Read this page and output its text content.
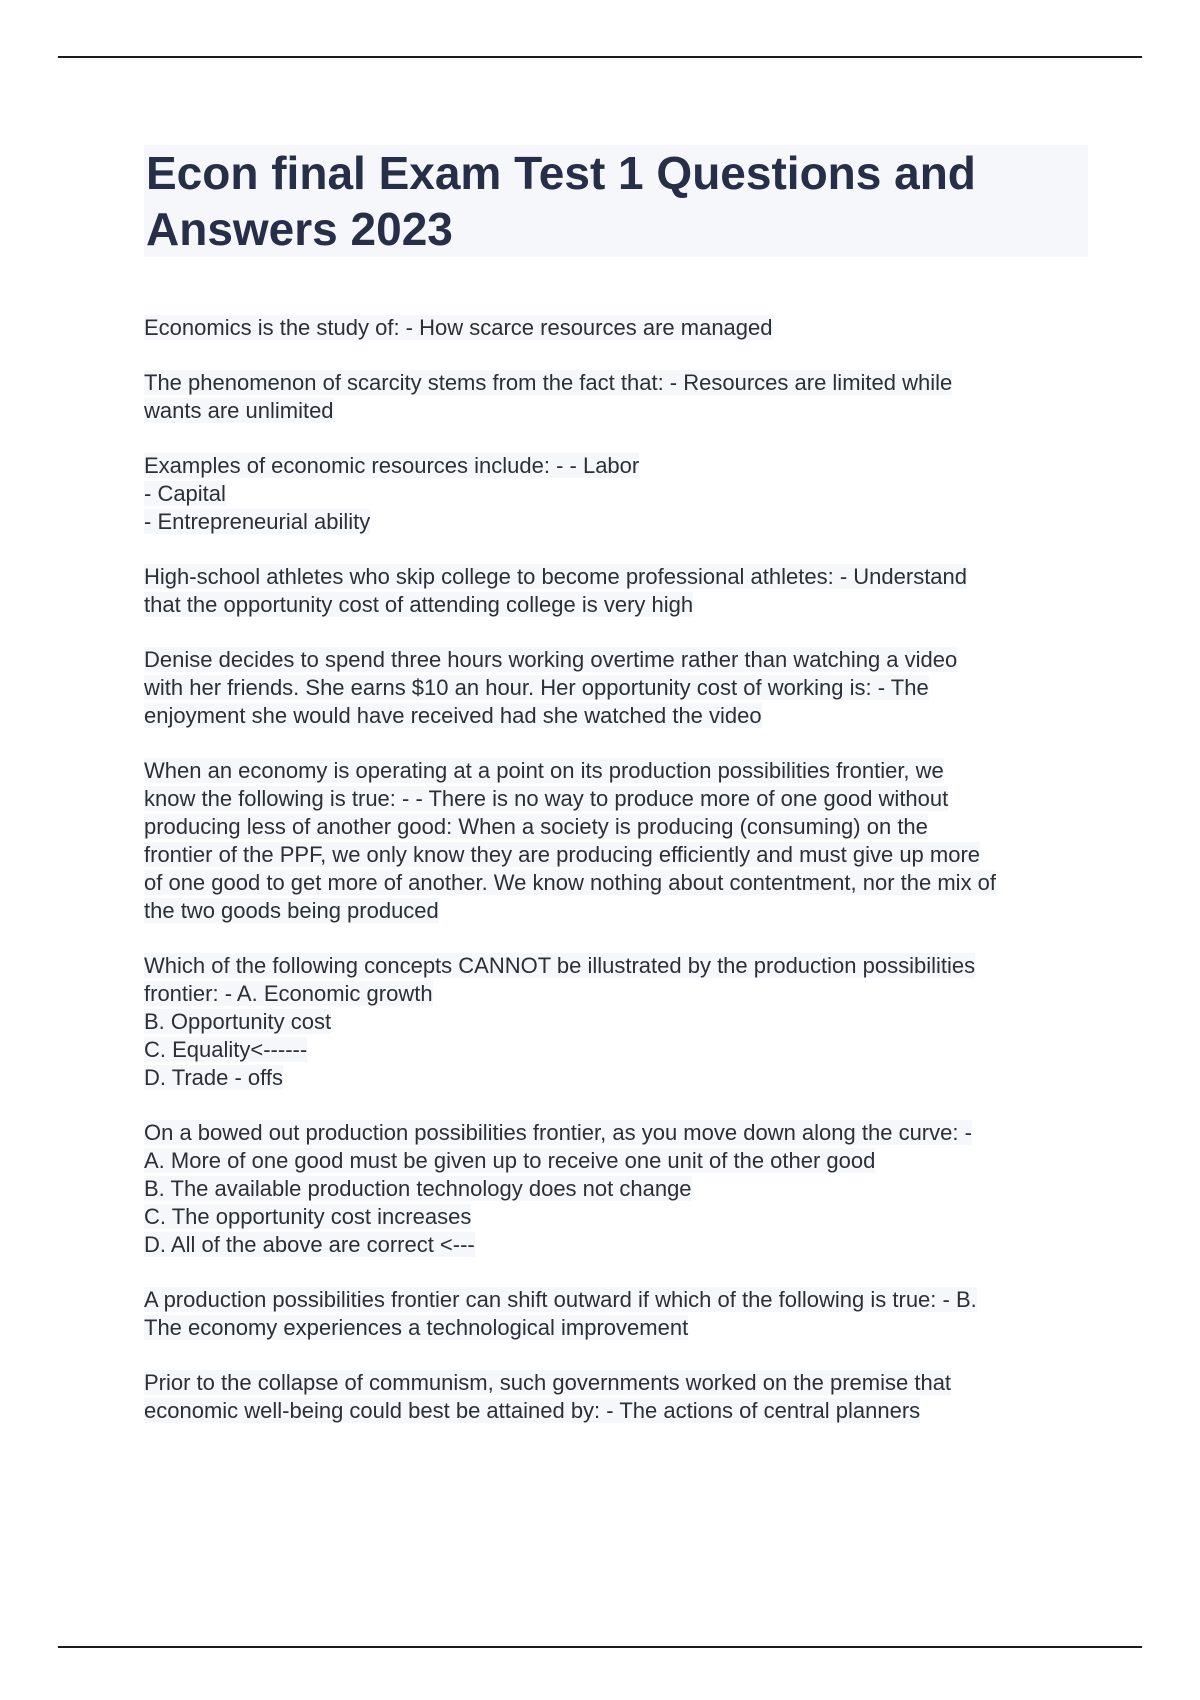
Econ final Exam Test 1 Questions and Answers 2023

Economics is the study of: - How scarce resources are managed

The phenomenon of scarcity stems from the fact that: - Resources are limited while
wants are unlimited

Examples of economic resources include: - - Labor
- Capital
- Entrepreneurial ability

High-school athletes who skip college to become professional athletes: - Understand
that the opportunity cost of attending college is very high

Denise decides to spend three hours working overtime rather than watching a video
with her friends. She earns $10 an hour. Her opportunity cost of working is: - The
enjoyment she would have received had she watched the video

When an economy is operating at a point on its production possibilities frontier, we
know the following is true: - - There is no way to produce more of one good without
producing less of another good: When a society is producing (consuming) on the
frontier of the PPF, we only know they are producing efficiently and must give up more
of one good to get more of another. We know nothing about contentment, nor the mix of
the two goods being produced

Which of the following concepts CANNOT be illustrated by the production possibilities
frontier: - A. Economic growth
B. Opportunity cost
C. Equality<------
D. Trade - offs

On a bowed out production possibilities frontier, as you move down along the curve: -
A. More of one good must be given up to receive one unit of the other good
B. The available production technology does not change
C. The opportunity cost increases
D. All of the above are correct <---

A production possibilities frontier can shift outward if which of the following is true: - B.
The economy experiences a technological improvement

Prior to the collapse of communism, such governments worked on the premise that
economic well-being could best be attained by: - The actions of central planners
